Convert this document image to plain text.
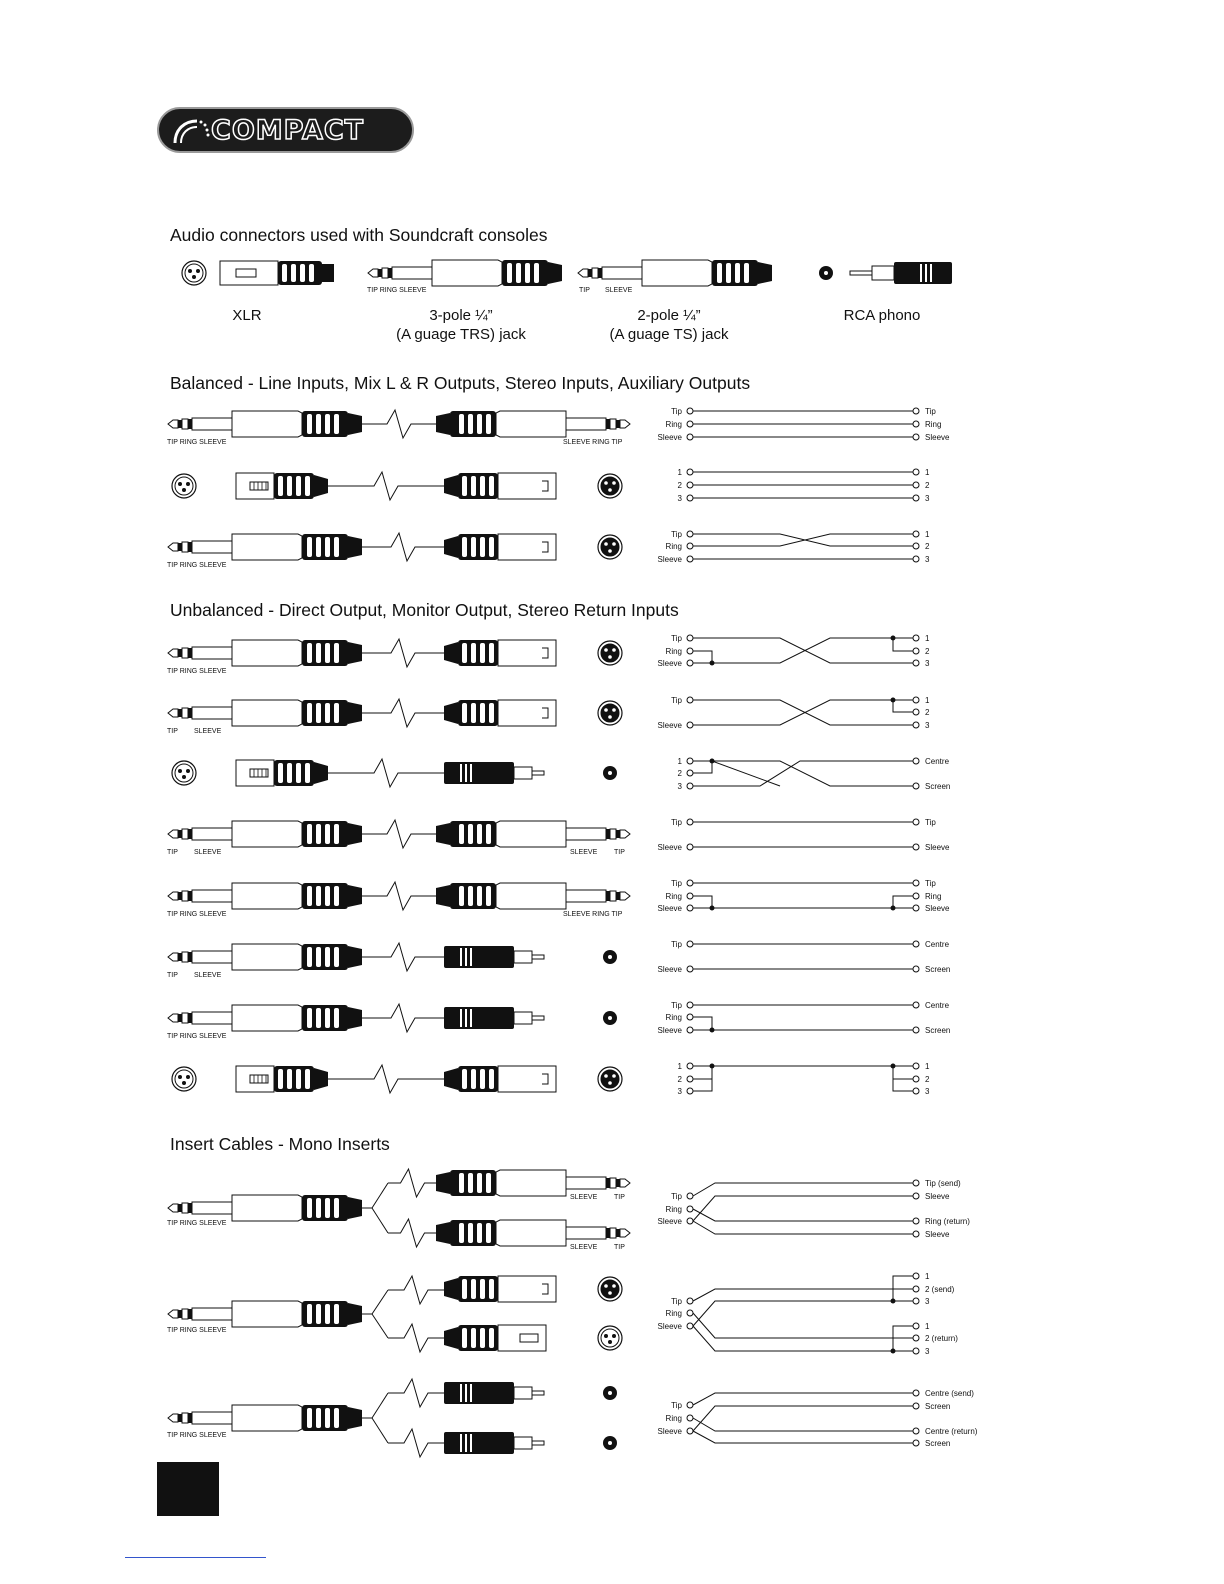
COMPACT
Audio connectors used with Soundcraft consoles
Balanced - Line Inputs, Mix L & R Outputs, Stereo Inputs, Auxiliary Outputs
Unbalanced - Direct Output, Monitor Output, Stereo Return Inputs
Insert Cables - Mono Inserts
XLR	3-pole ¼”
(A guage TRS) jack
2-pole ¼”
(A guage TS) jack
RCA phono
TIP RING SLEEVE	TIP SLEEVE
TIP RING SLEEVE	SLEEVE RING TIP
Tip	Tip
Ring	Ring
Sleeve	Sleeve
1	1
2	2
3	3
TIP RING SLEEVE
Tip
Ring
Sleeve
1
2
3
TIP RING SLEEVE
Tip
Ring
Sleeve
1
2
3
TIP SLEEVE
Tip
Sleeve
1
2
3
1
2
3
Centre
Screen
TIP SLEEVE	SLEEVE TIP
Tip
Sleeve
Tip
Sleeve
TIP RING SLEEVE	SLEEVE RING TIP
Tip
Ring
Sleeve
Tip
Ring
Sleeve
TIP SLEEVE
Tip
Sleeve
Centre
Screen
TIP RING SLEEVE
Tip
Ring
Sleeve
Centre
Screen
1
2
3
1
2
3
TIP RING SLEEVE
SLEEVE TIP
SLEEVE TIP
Tip
Ring
Sleeve
Tip (send)
Sleeve
Ring (return)
Sleeve
TIP RING SLEEVE
Tip
Ring
Sleeve
1
2 (send)
3
1
2 (return)
3
TIP RING SLEEVE
Tip
Ring
Sleeve
Centre (send)
Screen
Centre (return)
Screen
